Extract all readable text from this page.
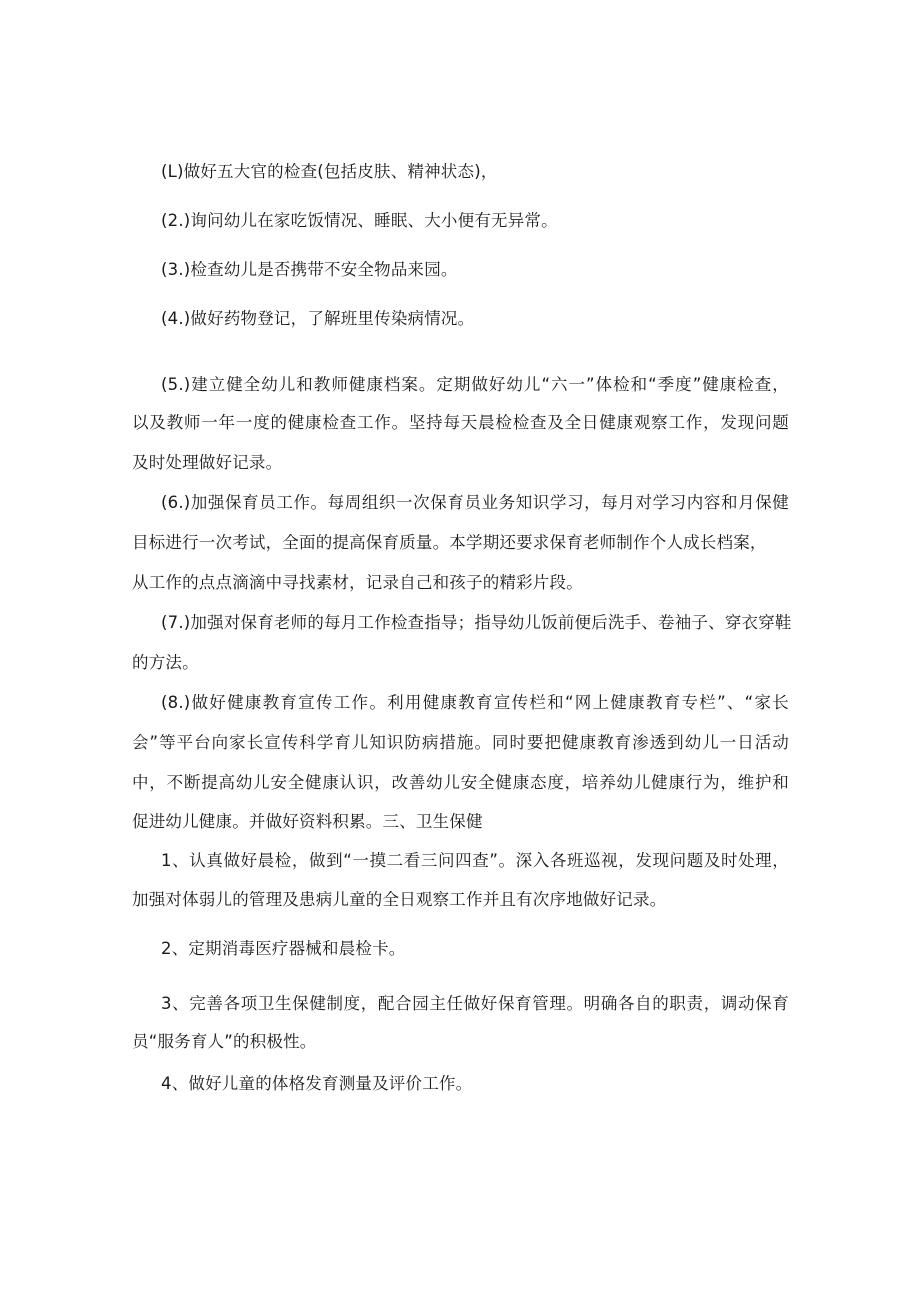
(L)做好五大官的检查(包括皮肤、精神状态)，
(2.)询问幼儿在家吃饭情况、睡眠、大小便有无异常。
(3.)检查幼儿是否携带不安全物品来园。
(4.)做好药物登记，了解班里传染病情况。
(5.)建立健全幼儿和教师健康档案。定期做好幼儿“六一”体检和“季度”健康检查，
以及教师一年一度的健康检查工作。坚持每天晨检检查及全日健康观察工作，发现问题
及时处理做好记录。
(6.)加强保育员工作。每周组织一次保育员业务知识学习，每月对学习内容和月保健
目标进行一次考试，全面的提高保育质量。本学期还要求保育老师制作个人成长档案，
从工作的点点滴滴中寻找素材，记录自己和孩子的精彩片段。
(7.)加强对保育老师的每月工作检查指导；指导幼儿饭前便后洗手、卷袖子、穿衣穿鞋
的方法。
(8.)做好健康教育宣传工作。利用健康教育宣传栏和“网上健康教育专栏”、“家长
会”等平台向家长宣传科学育儿知识防病措施。同时要把健康教育渗透到幼儿一日活动
中，不断提高幼儿安全健康认识，改善幼儿安全健康态度，培养幼儿健康行为，维护和
促进幼儿健康。并做好资料积累。三、卫生保健
1、认真做好晨检，做到“一摸二看三问四查”。深入各班巡视，发现问题及时处理，
加强对体弱儿的管理及患病儿童的全日观察工作并且有次序地做好记录。
2、定期消毒医疗器械和晨检卡。
3、完善各项卫生保健制度，配合园主任做好保育管理。明确各自的职责，调动保育
员“服务育人”的积极性。
4、做好儿童的体格发育测量及评价工作。
